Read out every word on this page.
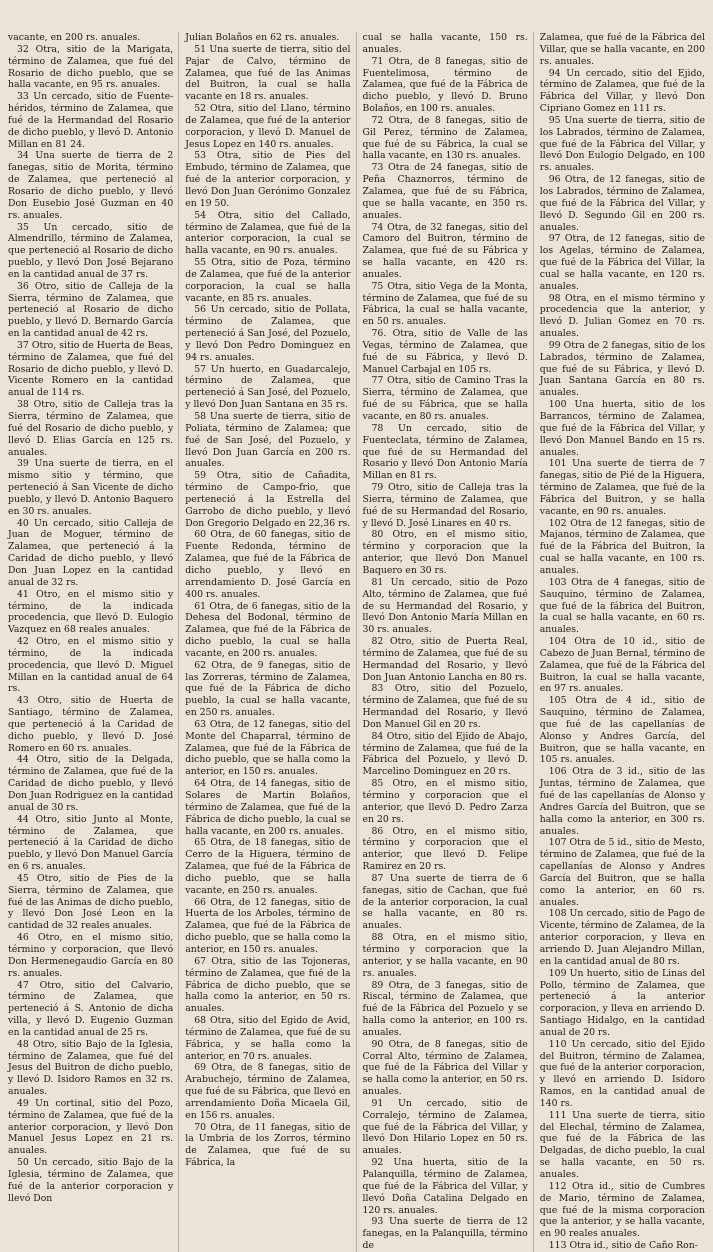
vacante, en 200 rs. anuales.

32 Otra, sitio de la Marigata, término de Zalamea, que fué del Rosario de dicho pueblo, que se halla vacante, en 95 rs. anuales.

33 Un cercado, sitio de Fuente-héridos, término de Zalamea, que fué de la Hermandad del Rosario de dicho pueblo, y llevó D. Antonio Millan en 81 24.

34 Una suerte de tierra de 2 fanegas, sitio de Morita, término de Zalamea, que perteneció al Rosario de dicho pueblo, y llevó Don Eusebio José Guzman en 40 rs. anuales.

35 Un cercado, sitio de Almendrillo, término de Zalamea, que perteneció al Rosario de dicho pueblo, y llevó Don José Bejarano en la cantidad anual de 37 rs.

36 Otro, sitio de Calleja de la Sierra, término de Zalamea, que perteneció al Rosario de dicho pueblo, y llevó D. Bernardo García en la cantidad anual de 42 rs.

37 Otro, sitio de Huerta de Beas, término de Zalamea, que fué del Rosario de dicho pueblo, y llevó D. Vicente Romero en la cantidad anual de 114 rs.

38 Otro, sitio de Calleja tras la Sierra, término de Zalamea, que fué del Rosario de dicho pueblo, y llevó D. Elias García en 125 rs. anuales.

39 Una suerte de tierra, en el mismo sitio y término, que perteneció á San Vicente de dicho pueblo, y llevó D. Antonio Baquero en 30 rs. anuales.

40 Un cercado, sitio Calleja de Juan de Moguer, término de Zalamea, que perteneció á la Caridad de dicho pueblo, y llevó Don Juan Lopez en la cantidad anual de 32 rs.

41 Otro, en el mismo sitio y término, de la indicada procedencia, que llevó D. Eulogio Vazquez en 68 reales anuales.

42 Otro, en el mismo sitio y término, de la indicada procedencia, que llevó D. Miguel Millan en la cantidad anual de 64 rs.

43 Otro, sitio de Huerta de Santiago, término de Zalamea, que perteneció á la Caridad de dicho pueblo, y llevó D. José Romero en 60 rs. anuales.

44 Otro, sitio de la Delgada, término de Zalamea, que fué de la Caridad de dicho pueblo, y llevó Don Juan Rodriguez en la cantidad anual de 30 rs.

44 Otro, sitio Junto al Monte, término de Zalamea, que perteneció á la Caridad de dicho pueblo, y llevó Don Manuel García en 6 rs. anuales.

45 Otro, sitio de Pies de la Sierra, término de Zalamea, que fué de las Animas de dicho pueblo, y llevó Don José Leon en la cantidad de 32 reales anuales.

46 Otro, en el mismo sitio, término y corporacion, que llevó Don Hermenegaudio García en 80 rs. anuales.

47 Otro, sitio del Calvario, término de Zalamea, que perteneció á S. Antonio de dicha villa, y llevó D. Eugenio Guzman en la cantidad anual de 25 rs.

48 Otro, sitio Bajo de la Iglesia, término de Zalamea, que fué del Jesus del Buitron de dicho pueblo, y llevó D. Isidoro Ramos en 32 rs. anuales.

49 Un cortinal, sitio del Pozo, término de Zalamea, que fué de la anterior corporacion, y llevó Don Manuel Jesus Lopez en 21 rs. anuales.

50 Un cercado, sitio Bajo de la Iglesia, término de Zalamea, que fué de la anterior corporacion y llevó Don

Julian Bolaños en 62 rs. anuales.

51 Una suerte de tierra, sitio del Pajar de Calvo, término de Zalamea, que fué de las Animas del Buitron, la cual se halla vacante en 18 rs. anuales.

52 Otra, sitio del Llano, término de Zalamea, que fué de la anterior corporacion, y llevó D. Manuel de Jesus Lopez en 140 rs. anuales.

53 Otra, sitio de Pies del Embudo, término de Zalamea, que fué de la anterior corporacion, y llevó Don Juan Gerónimo Gonzalez en 19 50.

54 Otra, sitio del Callado, término de Zalamea, que fué de la anterior corporacion, la cual se halla vacante, en 90 rs. anuales.

55 Otra, sitio de Poza, término de Zalamea, que fué de la anterior corporacion, la cual se halla vacante, en 85 rs. anuales.

56 Un cercado, sitio de Pollata, término de Zalamea, que perteneció á San José, del Pozuelo, y llevó Don Pedro Dominguez en 94 rs. anuales.

57 Un huerto, en Guadarcalejo, término de Zalamea, que perteneció á San José, del Pozuelo, y llevó Don Juan Santana en 35 rs.

58 Una suerte de tierra, sitio de Poliata, término de Zalamea; que fué de San José, del Pozuelo, y llevó Don Juan García en 200 rs. anuales.

59 Otra, sitio de Cañadita, término de Campo-frio, que perteneció á la Estrella del Garrobo de dicho pueblo, y llevó Don Gregorio Delgado en 22,36 rs.

60 Otra, de 60 fanegas, sitio de Fuente Redonda, término de Zalamea, que fué de la Fábrica de dicho pueblo, y llevó en arrendamiento D. José García en 400 rs. anuales.

61 Otra, de 6 fanegas, sitio de la Dehesa del Bodonal, término de Zalamea, que fué de la Fábrica de dicho pueblo, la cual se halla vacante, en 200 rs. anuales.

62 Otra, de 9 fanegas, sitio de las Zorreras, término de Zalamea, que fué de la Fábrica de dicho pueblo, la cual se halla vacante, en 250 rs. anuales.

63 Otra, de 12 fanegas, sitio del Monte del Chaparral, término de Zalamea, que fué de la Fábrica de dicho pueblo, que se halla como la anterior, en 150 rs. anuales.

64 Otra, de 14 fanegas, sitio de Solares de Martin Bolaños, término de Zalamea, que fué de la Fábrica de dicho pueblo, la cual se halla vacante, en 200 rs. anuales.

65 Otra, de 18 fanegas, sitio de Cerro de la Higuera, término de Zalamea, que fué de la Fábrica de dicho pueblo, que se halla vacante, en 250 rs. anuales.

66 Otra, de 12 fanegas, sitio de Huerta de los Arboles, término de Zalamea, que fué de la Fábrica de dicho pueblo, que se halla como la anterior, en 150 rs. anuales.

67 Otra, sitio de las Tojoneras, término de Zalamea, que fué de la Fábrica de dicho pueblo, que se halla como la anterior, en 50 rs. anuales.

68 Otra, sitio del Egido de Avid, término de Zalamea, que fué de su Fábrica, y se halla como la anterior, en 70 rs. anuales.

69 Otra, de 8 fanegas, sitio de Arabuchejo, término de Zalamea, que fué de su Fábrica, que llevó en arrendamiento Doña Micaela Gil, en 156 rs. anuales.

70 Otra, de 11 fanegas, sitio de la Umbria de los Zorros, término de Zalamea, que fué de su Fábrica, la

cual se halla vacante, 150 rs. anuales.

71 Otra, de 8 fanegas, sitio de Fuentelimosa, término de Zalamea, que fué de la Fábrica de dicho pueblo, y llevó D. Bruno Bolaños, en 100 rs. anuales.

72 Otra, de 8 fanegas, sitio de Gil Perez, término de Zalamea, que fué de su Fábrica, la cual se halla vacante, en 130 rs. anuales.

73 Otra de 24 fanegas, sitio de Peña Chaznorros, término de Zalamea, que fué de su Fábrica, que se halla vacante, en 350 rs. anuales.

74 Otra, de 32 fanegas, sitio del Camoro del Buitron, término de Zalamea, que fué de su Fábrica y se halla vacante, en 420 rs. anuales.

75 Otra, sitio Vega de la Monta, término de Zalamea, que fué de su Fábrica, la cual se halla vacante, en 50 rs. anuales.

76. Otra, sitio de Valle de las Vegas, término de Zalamea, que fué de su Fábrica, y llevó D. Manuel Carbajal en 105 rs.

77 Otra, sitio de Camino Tras la Sierra, término de Zalamea, que fué de su Fábrica, que se halla vacante, en 80 rs. anuales.

78 Un cercado, sitio de Fuenteclata, término de Zalamea, que fué de su Hermandad del Rosario y llevó Don Antonio María Millan en 81 rs.

79 Otro, sitio de Calleja tras la Sierra, término de Zalamea, que fué de su Hermandad del Rosario, y llevó D. José Linares en 40 rs.

80 Otro, en el mismo sitio, término y corporacion que la anterior, que llevó Don Manuel Baquero en 30 rs.

81 Un cercado, sitio de Pozo Alto, término de Zalamea, que fué de su Hermandad del Rosario, y llevó Don Antonio María Millan en 30 rs. anuales.

82 Otro, sitio de Puerta Real, término de Zalamea, que fué de su Hermandad del Rosario, y llevó Don Juan Antonio Lancha en 80 rs.

83 Otro, sitio del Pozuelo, término de Zalamea, que fué de su Hermandad del Rosario, y llevó Don Manuel Gil en 20 rs.

84 Otro, sitio del Ejido de Abajo, término de Zalamea, que fué de la Fábrica del Pozuelo, y llevó D. Marcelino Dominguez en 20 rs.

85 Otro, en el mismo sitio, término y corporacion que el anterior, que llevó D. Pedro Zarza en 20 rs.

86 Otro, en el mismo sitio, término y corporacion que el anterior, que llevó D. Felipe Ramirez en 20 rs.

87 Una suerte de tierra de 6 fanegas, sitio de Cachan, que fué de la anterior corporacion, la cual se halla vacante, en 80 rs. anuales.

88 Otra, en el mismo sitio, término y corporacion que la anterior, y se halla vacante, en 90 rs. anuales.

89 Otra, de 3 fanegas, sitio de Riscal, término de Zalamea, que fué de la Fábrica del Pozuelo y se halla como la anterior, en 100 rs. anuales.

90 Otra, de 8 fanegas, sitio de Corral Alto, término de Zalamea, que fué de la Fábrica del Villar y se halla como la anterior, en 50 rs. anuales.

91 Un cercado, sitio de Corralejo, término de Zalamea, que fué de la Fábrica del Villar, y llevó Don Hilario Lopez en 50 rs. anuales.

92 Una huerta, sitio de la Palanquilla, término de Zalamea, que fué de la Fábrica del Villar, y llevó Doña Catalina Delgado en 120 rs. anuales.

93 Una suerte de tierra de 12 fanegas, en la Palanquilla, término de

Zalamea, que fué de la Fábrica del Villar, que se halla vacante, en 200 rs. anuales.

94 Un cercado, sitio del Ejido, término de Zalamea, que fué de la Fábrica del Villar, y llevó Don Cipriano Gomez en 111 rs.

95 Una suerte de tierra, sitio de los Labrados, término de Zalamea, que fué de la Fábrica del Villar, y llevó Don Eulogio Delgado, en 100 rs. anuales.

96 Otra, de 12 fanegas, sitio de los Labrados, término de Zalamea, que fué de la Fábrica del Villar, y llevó D. Segundo Gil en 200 rs. anuales.

97 Otra, de 12 fanegas, sitio de los Agelas, término de Zalamea, que fué de la Fábrica del Villar, la cual se halla vacante, en 120 rs. anuales.

98 Otra, en el mismo término y procedencia que la anterior, y llevó D. Julian Gomez en 70 rs. anuales.

99 Otra de 2 fanegas, sitio de los Labrados, término de Zalamea, que fué de su Fábrica, y llevó D. Juan Santana García en 80 rs. anuales.

100 Una huerta, sitio de los Barrancos, término de Zalamea, que fué de la Fábrica del Villar, y llevó Don Manuel Bando en 15 rs. anuales.

101 Una suerte de tierra de 7 fanegas, sitio de Pié de la Higuera, término de Zalamea, que fué de la Fábrica del Buitron, y se halla vacante, en 90 rs. anuales.

102 Otra de 12 fanegas, sitio de Majanos, término de Zalamea, que fué de la Fábrica del Buitron, la cual se halla vacante, en 100 rs. anuales.

103 Otra de 4 fanegas, sitio de Sauquino, término de Zalamea, que fué de la fábrica del Buitron, la cual se halla vacante, en 60 rs. anuales.

104 Otra de 10 id., sitio de Cabezo de Juan Bernal, término de Zalamea, que fué de la Fábrica del Buitron, la cual se halla vacante, en 97 rs. anuales.

105 Otra de 4 id., sitio de Sauquino, término de Zalamea, que fué de las capellanías de Alonso y Andres García, del Buitron, que se halla vacante, en 105 rs. anuales.

106 Otra de 3 id., sitio de las Juntas, término de Zalamea, que fué de las capellanías de Alonso y Andres García del Buitron, que se halla como la anterior, en 300 rs. anuales.

107 Otra de 5 id., sitio de Mesto, término de Zalamea, que fué de la capellanías de Alonso y Andres García del Buitron, que se halla como la anterior, en 60 rs. anuales.

108 Un cercado, sitio de Pago de Vicente, término de Zalamea, de la anterior corporacion, y lleva en arriendo D. Juan Alejandro Millan, en la cantidad anual de 80 rs.

109 Un huerto, sitio de Linas del Pollo, término de Zalamea, que perteneció á la anterior corporacion, y lleva en arriendo D. Santiago Hidalgo, en la cantidad anual de 20 rs.

110 Un cercado, sitio del Ejido del Buitron, término de Zalamea, que fué de la anterior corporacion, y llevó en arriendo D. Isidoro Ramos, en la cantidad anual de 140 rs.

111 Una suerte de tierra, sitio del Elechal, término de Zalamea, que fué de la Fábrica de las Delgadas, de dicho pueblo, la cual se halla vacante, en 50 rs. anuales.

112 Otra id., sitio de Cumbres de Mario, término de Zalamea, que fué de la misma corporacion que la anterior, y se halla vacante, en 90 reales anuales.

113 Otra id., sitio de Caño Ron-
